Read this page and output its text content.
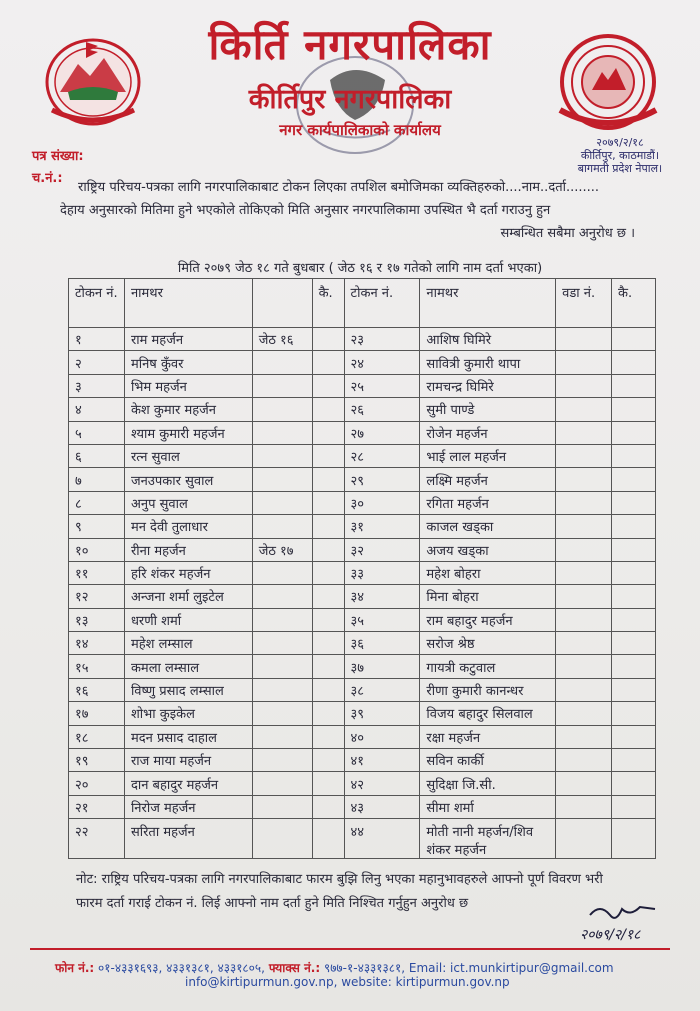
किर्ति नगरपालिका
कीर्तिपुर नगरपालिका
नगर कार्यपालिकाको कार्यालय
२०७९/२/१८
कीर्तिपुर, काठमाडौं।
बागमती प्रदेश नेपाल।
पत्र संख्या:
च.नं.:
राष्ट्रिय परिचय-पत्रका लागि नगरपालिकाबाट टोकन लिएका तपशिल बमोजिमका व्यक्तिहरुको....नाम..दर्ता........
देहाय अनुसारको मितिमा हुने भएकोले तोकिएको मिति अनुसार नगरपालिकामा उपस्थित भै दर्ता गराउनु हुन
सम्बन्धित सबैमा अनुरोध छ ।
मिति २०७९ जेठ १८ गते बुधबार ( जेठ १६ र १७ गतेको लागि नाम दर्ता भएका)
टोकन नं.	नामथर		कै.	टोकन नं.	नामथर	वडा नं.	कै.
१	राम महर्जन	जेठ १६		२३	आशिष घिमिरे		
२	मनिष कुँवर			२४	सावित्री कुमारी थापा		
३	भिम महर्जन			२५	रामचन्द्र घिमिरे		
४	केश कुमार महर्जन			२६	सुमी पाण्डे		
५	श्याम कुमारी महर्जन			२७	रोजेन महर्जन		
६	रत्न सुवाल			२८	भाई लाल महर्जन		
७	जनउपकार सुवाल			२९	लक्ष्मि महर्जन		
८	अनुप सुवाल			३०	रगिता महर्जन		
९	मन देवी तुलाधार			३१	काजल खड्का		
१०	रीना महर्जन	जेठ १७		३२	अजय खड्का		
११	हरि शंकर महर्जन			३३	महेश बोहरा		
१२	अन्जना शर्मा लुइटेल			३४	मिना बोहरा		
१३	धरणी शर्मा			३५	राम बहादुर महर्जन		
१४	महेश लम्साल			३६	सरोज श्रेष्ठ		
१५	कमला लम्साल			३७	गायत्री कटुवाल		
१६	विष्णु प्रसाद लम्साल			३८	रीणा कुमारी कानन्धर		
१७	शोभा कुइकेल			३९	विजय बहादुर सिलवाल		
१८	मदन प्रसाद दाहाल			४०	रक्षा महर्जन		
१९	राज माया महर्जन			४१	सविन कार्की		
२०	दान बहादुर महर्जन			४२	सुदिक्षा जि.सी.		
२१	निरोज महर्जन			४३	सीमा शर्मा		
२२	सरिता महर्जन			४४	मोती नानी महर्जन/शिव
शंकर महर्जन		

नोट: राष्ट्रिय परिचय-पत्रका लागि नगरपालिकाबाट फारम बुझि लिनु भएका महानुभावहरुले आफ्नो पूर्ण विवरण भरी
फारम दर्ता गराई टोकन नं. लिई आफ्नो नाम दर्ता हुने मिति निश्चित गर्नुहुन अनुरोध छ
२०७९/२/१८
फोन नं.: ०१-४३३१६९३, ४३३१३८१, ४३३१८०५, फ्याक्स नं.: ९७७-१-४३३१३८१, Email: ict.munkirtipur@gmail.com
info@kirtipurmun.gov.np, website: kirtipurmun.gov.np
